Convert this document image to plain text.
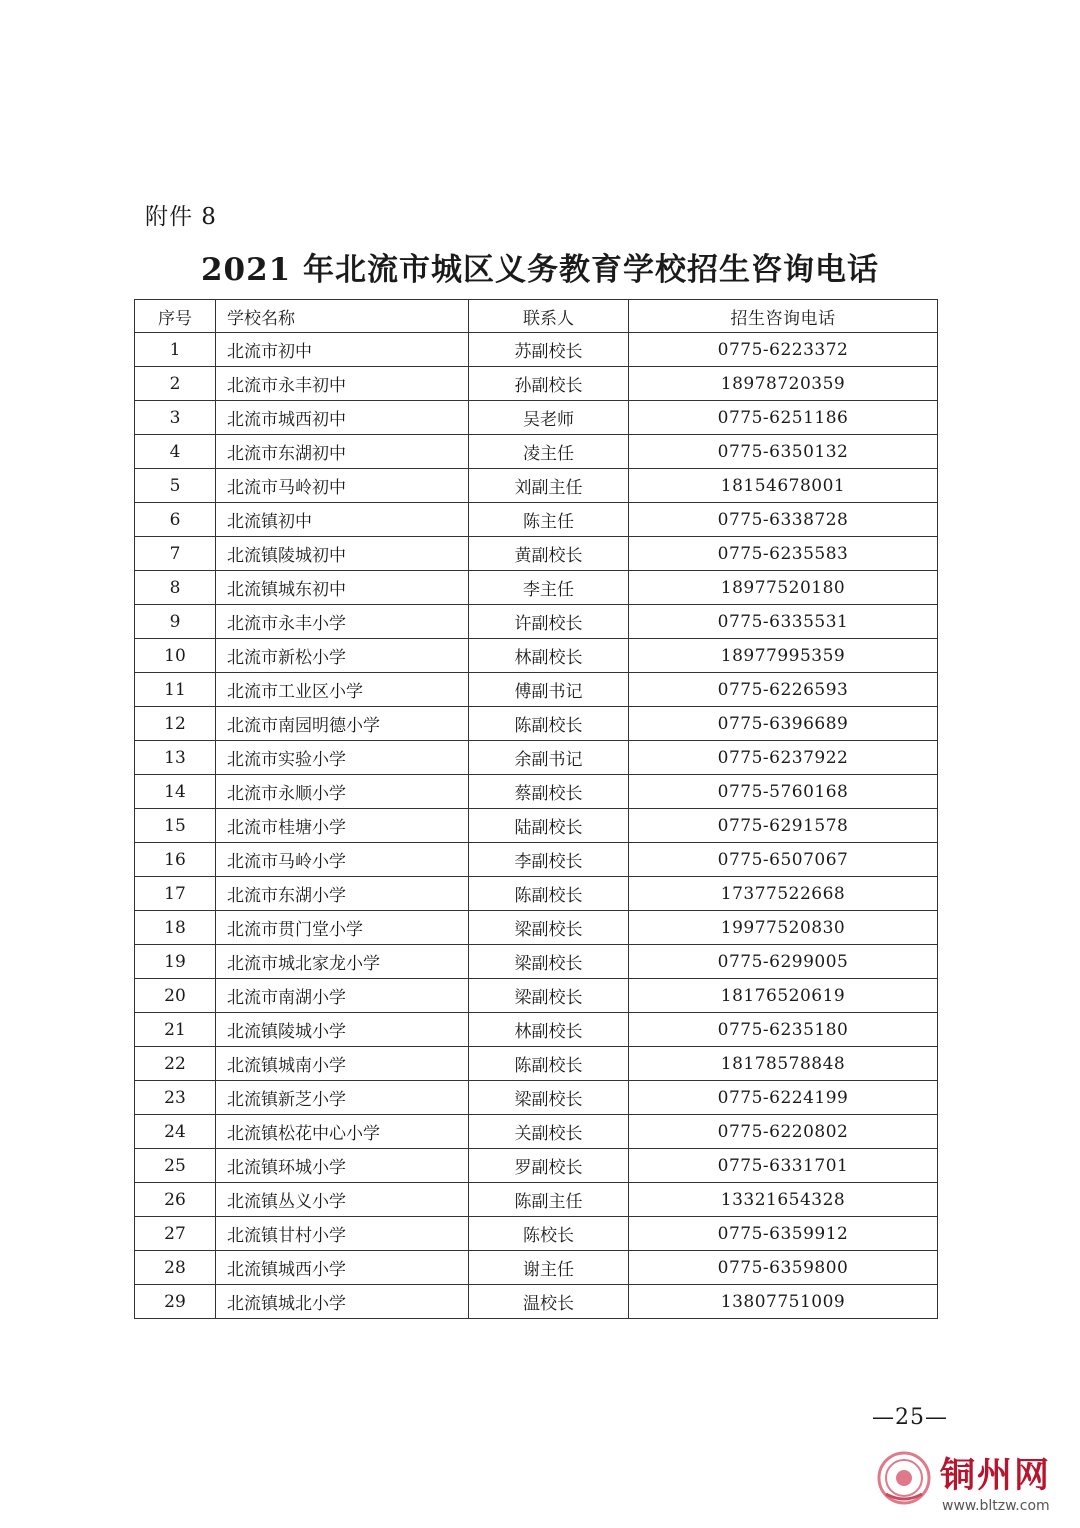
附件 8
2021 年北流市城区义务教育学校招生咨询电话
序号	学校名称	联系人	招生咨询电话
1	北流市初中	苏副校长	0775-6223372
2	北流市永丰初中	孙副校长	18978720359
3	北流市城西初中	吴老师	0775-6251186
4	北流市东湖初中	凌主任	0775-6350132
5	北流市马岭初中	刘副主任	18154678001
6	北流镇初中	陈主任	0775-6338728
7	北流镇陵城初中	黄副校长	0775-6235583
8	北流镇城东初中	李主任	18977520180
9	北流市永丰小学	许副校长	0775-6335531
10	北流市新松小学	林副校长	18977995359
11	北流市工业区小学	傅副书记	0775-6226593
12	北流市南园明德小学	陈副校长	0775-6396689
13	北流市实验小学	余副书记	0775-6237922
14	北流市永顺小学	蔡副校长	0775-5760168
15	北流市桂塘小学	陆副校长	0775-6291578
16	北流市马岭小学	李副校长	0775-6507067
17	北流市东湖小学	陈副校长	17377522668
18	北流市贯门堂小学	梁副校长	19977520830
19	北流市城北家龙小学	梁副校长	0775-6299005
20	北流市南湖小学	梁副校长	18176520619
21	北流镇陵城小学	林副校长	0775-6235180
22	北流镇城南小学	陈副校长	18178578848
23	北流镇新芝小学	梁副校长	0775-6224199
24	北流镇松花中心小学	关副校长	0775-6220802
25	北流镇环城小学	罗副校长	0775-6331701
26	北流镇丛义小学	陈副主任	13321654328
27	北流镇甘村小学	陈校长	0775-6359912
28	北流镇城西小学	谢主任	0775-6359800
29	北流镇城北小学	温校长	13807751009
—25—
铜州网
www.bltzw.com
